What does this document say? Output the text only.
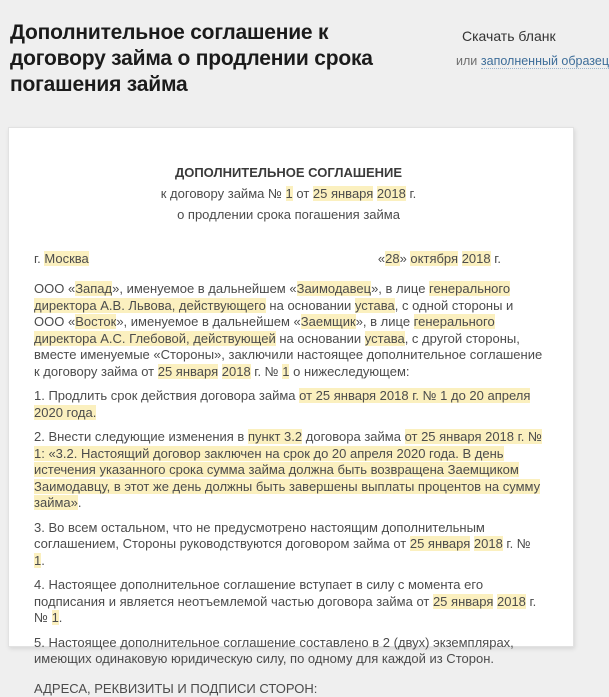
Дополнительное соглашение к договору займа о продлении срока погашения займа
Скачать бланк
или заполненный образец
ДОПОЛНИТЕЛЬНОЕ СОГЛАШЕНИЕ
к договору займа № 1 от 25 января 2018 г.
о продлении срока погашения займа
г. Москва	«28» октября 2018 г.

ООО «Запад», именуемое в дальнейшем «Заимодавец», в лице генерального директора А.В. Львова, действующего на основании устава, с одной стороны и ООО «Восток», именуемое в дальнейшем «Заемщик», в лице генерального директора А.С. Глебовой, действующей на основании устава, с другой стороны, вместе именуемые «Стороны», заключили настоящее дополнительное соглашение к договору займа от 25 января 2018 г. № 1 о нижеследующем:

1. Продлить срок действия договора займа от 25 января 2018 г. № 1 до 20 апреля 2020 года.

2. Внести следующие изменения в пункт 3.2 договора займа от 25 января 2018 г. № 1: «3.2. Настоящий договор заключен на срок до 20 апреля 2020 года. В день истечения указанного срока сумма займа должна быть возвращена Заемщиком Заимодавцу, в этот же день должны быть завершены выплаты процентов на сумму займа».

3. Во всем остальном, что не предусмотрено настоящим дополнительным соглашением, Стороны руководствуются договором займа от 25 января 2018 г. № 1.

4. Настоящее дополнительное соглашение вступает в силу с момента его подписания и является неотъемлемой частью договора займа от 25 января 2018 г. № 1.

5. Настоящее дополнительное соглашение составлено в 2 (двух) экземплярах, имеющих одинаковую юридическую силу, по одному для каждой из Сторон.

АДРЕСА, РЕКВИЗИТЫ И ПОДПИСИ СТОРОН:
